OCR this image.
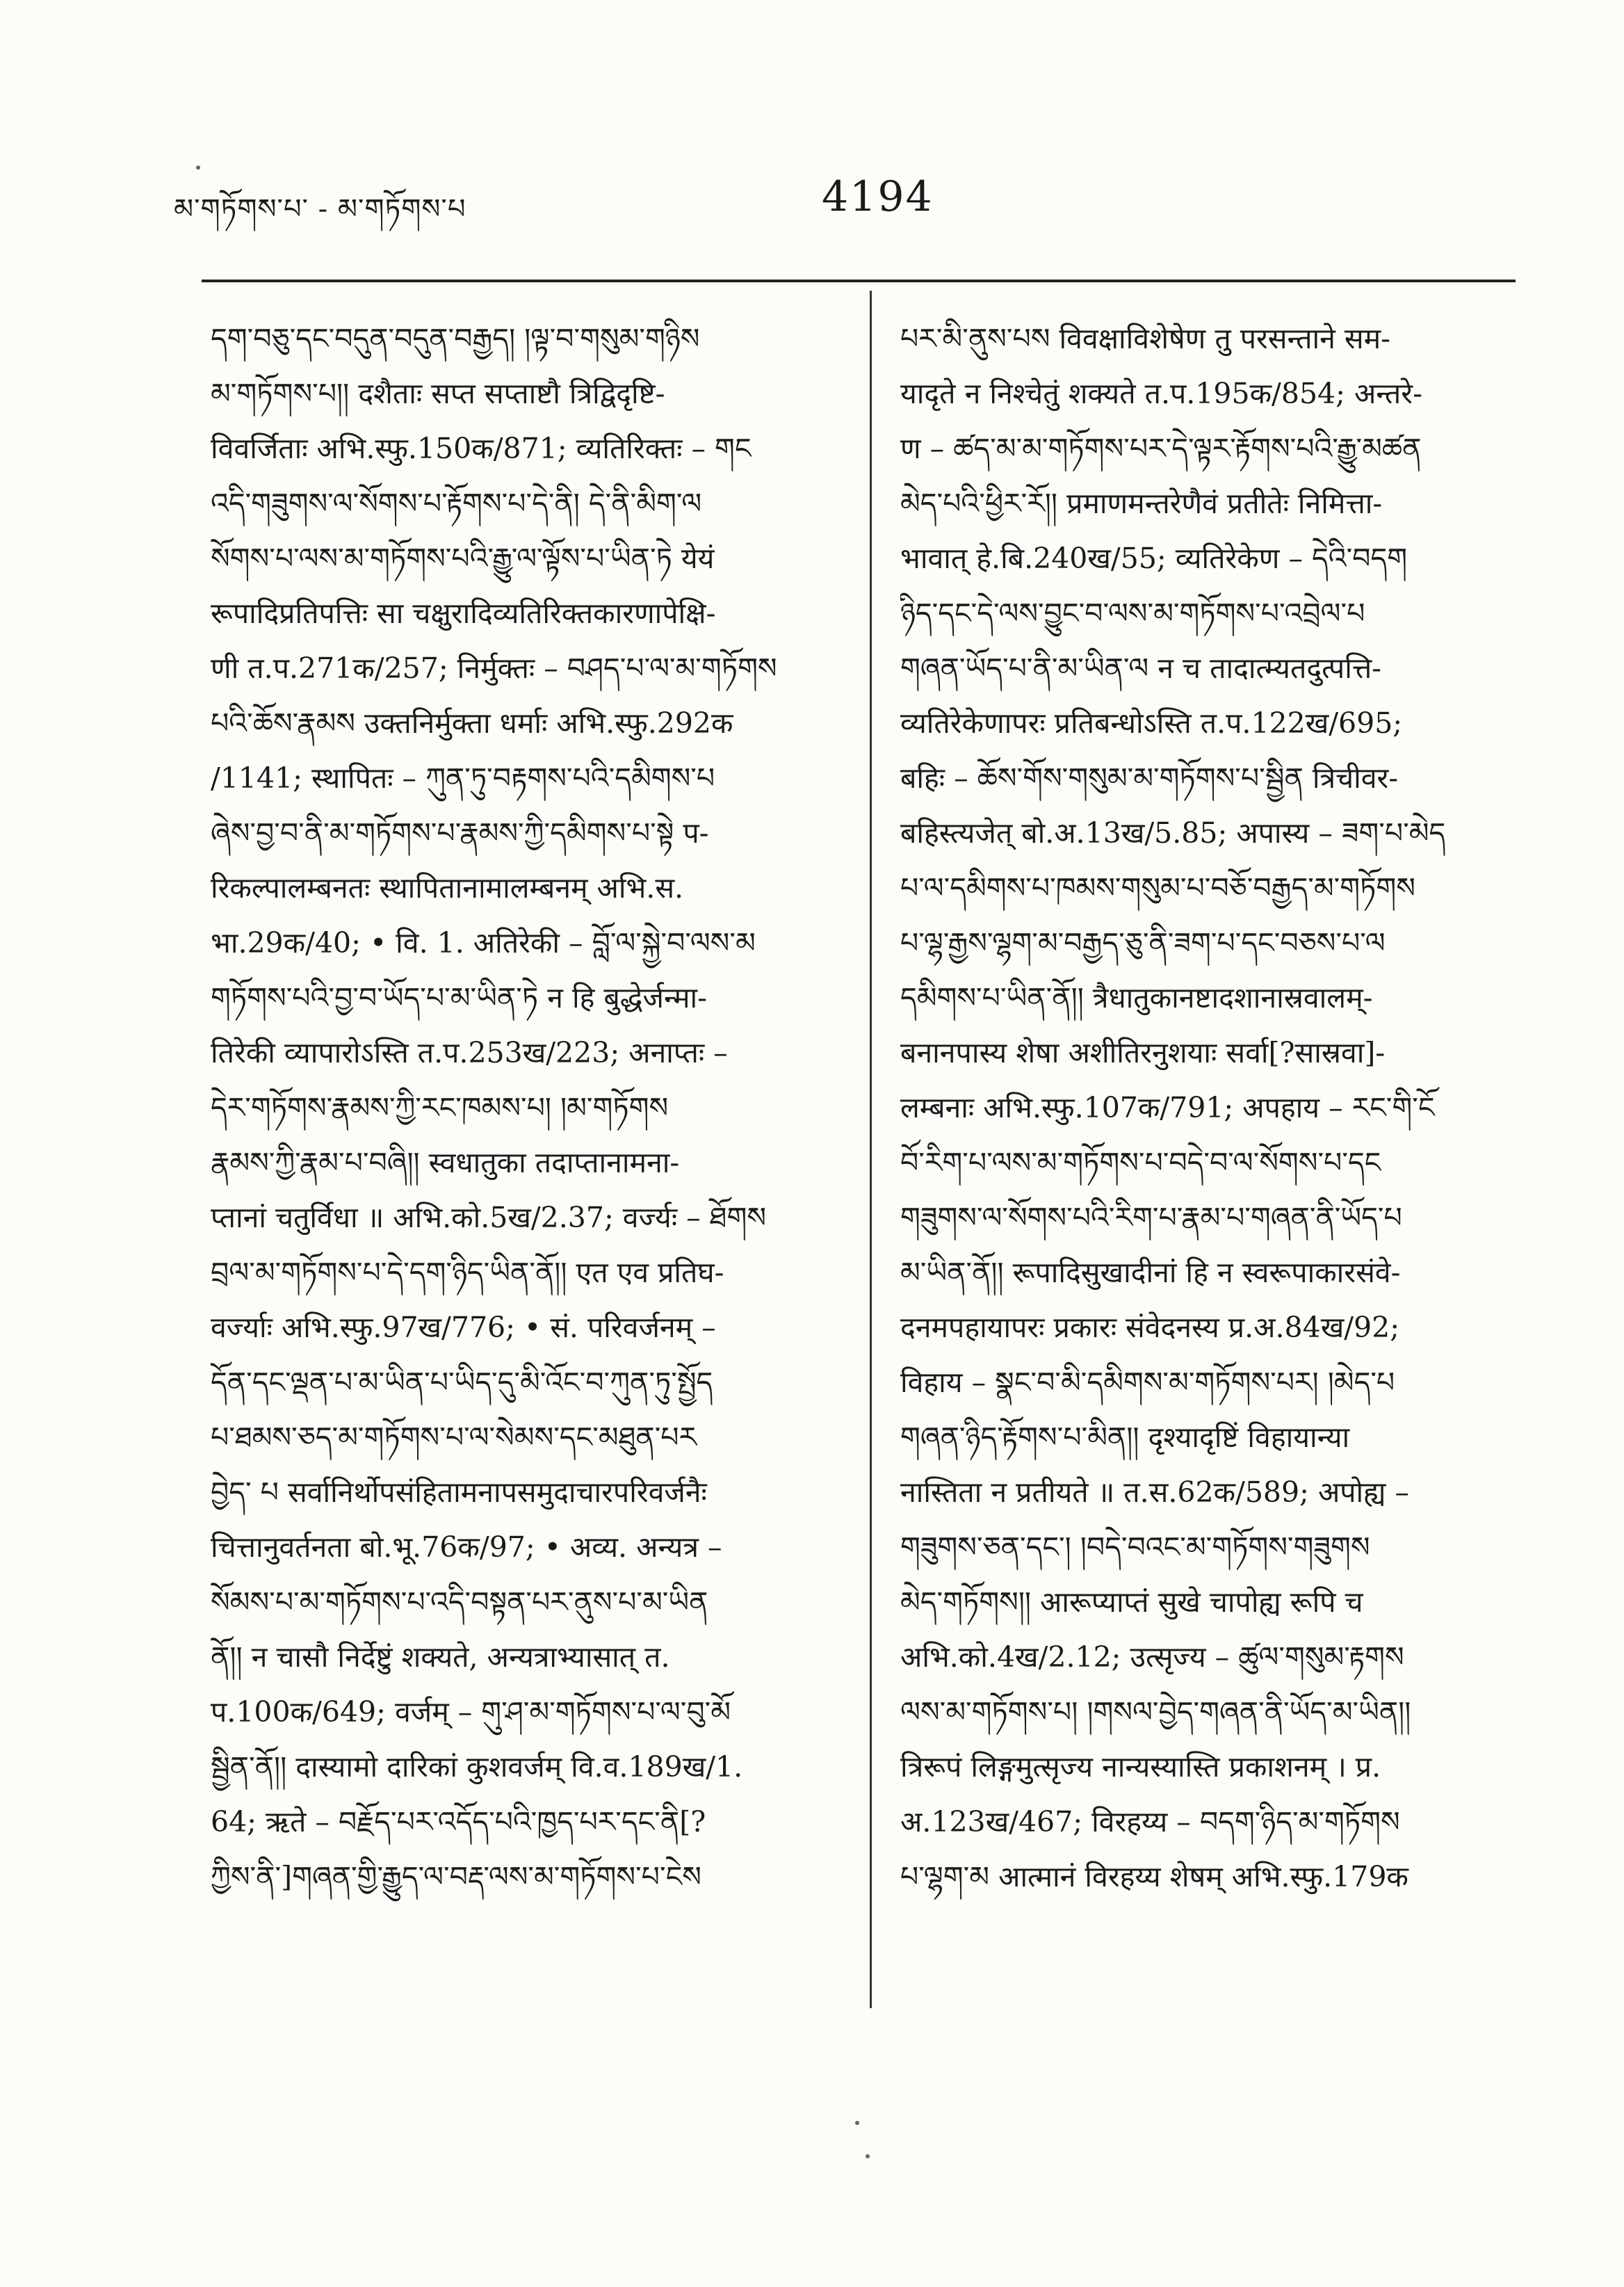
མ་གཏོགས་པ་ - མ་གཏོགས་པ	4194
དག་བཅུ་དང་བདུན་བདུན་བརྒྱད། །ལྟ་བ་གསུམ་གཉིས
མ་གཏོགས་པ།། दशैताः सप्त सप्ताष्टौ त्रिद्विदृष्टि-
विवर्जिताः अभि.स्फु.150क/871; व्यतिरिक्तः – གང
འདི་གཟུགས་ལ་སོགས་པ་རྟོགས་པ་དེ་ནི། དེ་ནི་མིག་ལ
སོགས་པ་ལས་མ་གཏོགས་པའི་རྒྱུ་ལ་ལྟོས་པ་ཡིན་ཏེ येयं
रूपादिप्रतिपत्तिः सा चक्षुरादिव्यतिरिक्तकारणापेक्षि-
णी त.प.271क/257; निर्मुक्तः – བཤད་པ་ལ་མ་གཏོགས
པའི་ཆོས་རྣམས उक्तनिर्मुक्ता धर्माः अभि.स्फु.292क
/1141; स्थापितः – ཀུན་ཏུ་བརྟགས་པའི་དམིགས་པ
ཞེས་བྱ་བ་ནི་མ་གཏོགས་པ་རྣམས་ཀྱི་དམིགས་པ་སྟེ प-
रिकल्पालम्बनतः स्थापितानामालम्बनम् अभि.स.
भा.29क/40; • वि. 1. अतिरेकी – བློ་ལ་སྐྱེ་བ་ལས་མ
གཏོགས་པའི་བྱ་བ་ཡོད་པ་མ་ཡིན་ཏེ न हि बुद्धेर्जन्मा-
तिरेकी व्यापारोऽस्ति त.प.253ख/223; अनाप्तः –
དེར་གཏོགས་རྣམས་ཀྱི་རང་ཁམས་པ། །མ་གཏོགས
རྣམས་ཀྱི་རྣམ་པ་བཞི།། स्वधातुका तदाप्तानामना-
प्तानां चतुर्विधा ॥ अभि.को.5ख/2.37; वर्ज्यः – ཐོགས
བྲལ་མ་གཏོགས་པ་དེ་དག་ཉིད་ཡིན་ནོ།། एत एव प्रतिघ-
वर्ज्याः अभि.स्फु.97ख/776; • सं. परिवर्जनम् –
དོན་དང་ལྡན་པ་མ་ཡིན་པ་ཡིད་དུ་མི་འོང་བ་ཀུན་ཏུ་སྤྱོད
པ་ཐམས་ཅད་མ་གཏོགས་པ་ལ་སེམས་དང་མཐུན་པར
བྱེད་ པ सर्वानिर्थोपसंहितामनापसमुदाचारपरिवर्जनैः
चित्तानुवर्तनता बो.भू.76क/97; • अव्य. अन्यत्र –
སོམས་པ་མ་གཏོགས་པ་འདི་བསྟན་པར་ནུས་པ་མ་ཡིན
ནོ།། न चासौ निर्देष्टुं शक्यते, अन्यत्राभ्यासात् त.
प.100क/649; वर्जम् – གུ་ཤ་མ་གཏོགས་པ་ལ་བུ་མོ
སྦྱིན་ནོ།། दास्यामो दारिकां कुशवर्जम् वि.व.189ख/1.
64; ऋते – བརྗོད་པར་འདོད་པའི་ཁྱད་པར་དང་ནི[?
ཀྱིས་ནི་]གཞན་གྱི་རྒྱུད་ལ་བརྡ་ལས་མ་གཏོགས་པ་ངེས
པར་མི་ནུས་པས विवक्षाविशेषेण तु परसन्ताने सम-
यादृते न निश्चेतुं शक्यते त.प.195क/854; अन्तरे-
ण – ཚད་མ་མ་གཏོགས་པར་དེ་ལྟར་རྟོགས་པའི་རྒྱུ་མཚན
མེད་པའི་ཕྱིར་རོ།། प्रमाणमन्तरेणैवं प्रतीतेः निमित्ता-
भावात् हे.बि.240ख/55; व्यतिरेकेण – དེའི་བདག
ཉིད་དང་དེ་ལས་བྱུང་བ་ལས་མ་གཏོགས་པ་འབྲེལ་པ
གཞན་ཡོད་པ་ནི་མ་ཡིན་ལ न च तादात्म्यतदुत्पत्ति-
व्यतिरेकेणापरः प्रतिबन्धोऽस्ति त.प.122ख/695;
बहिः – ཆོས་གོས་གསུམ་མ་གཏོགས་པ་སྦྱིན त्रिचीवर-
बहिस्त्यजेत् बो.अ.13ख/5.85; अपास्य – ཟག་པ་མེད
པ་ལ་དམིགས་པ་ཁམས་གསུམ་པ་བཅོ་བརྒྱད་མ་གཏོགས
པ་ལྷ་རྒྱས་ལྷག་མ་བརྒྱད་ཅུ་ནི་ཟག་པ་དང་བཅས་པ་ལ
དམིགས་པ་ཡིན་ནོ།། त्रैधातुकानष्टादशानास्रवालम्-
बनानपास्य शेषा अशीतिरनुशयाः सर्वा[?सास्रवा]-
लम्बनाः अभि.स्फु.107क/791; अपहाय – རང་གི་ངོ
བོ་རིག་པ་ལས་མ་གཏོགས་པ་བདེ་བ་ལ་སོགས་པ་དང
གཟུགས་ལ་སོགས་པའི་རིག་པ་རྣམ་པ་གཞན་ནི་ཡོད་པ
མ་ཡིན་ནོ།། रूपादिसुखादीनां हि न स्वरूपाकारसंवे-
दनमपहायापरः प्रकारः संवेदनस्य प्र.अ.84ख/92;
विहाय – སྣང་བ་མི་དམིགས་མ་གཏོགས་པར། །མེད་པ
གཞན་ཉིད་རྟོགས་པ་མིན།། दृश्यादृष्टिं विहायान्या
नास्तिता न प्रतीयते ॥ त.स.62क/589; अपोह्य –
གཟུགས་ཅན་དང་། །བདེ་བའང་མ་གཏོགས་གཟུགས
མེད་གཏོགས།། आरूप्याप्तं सुखे चापोह्य रूपि च
अभि.को.4ख/2.12; उत्सृज्य – ཚུལ་གསུམ་རྟགས
ལས་མ་གཏོགས་པ། །གསལ་བྱེད་གཞན་ནི་ཡོད་མ་ཡིན།།
त्रिरूपं लिङ्गमुत्सृज्य नान्यस्यास्ति प्रकाशनम् । प्र.
अ.123ख/467; विरहय्य – བདག་ཉིད་མ་གཏོགས
པ་ལྷག་མ आत्मानं विरहय्य शेषम् अभि.स्फु.179क
